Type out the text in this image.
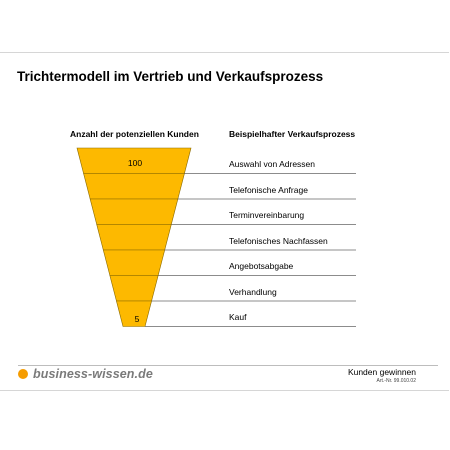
Trichtermodell im Vertrieb und Verkaufsprozess
Anzahl der potenziellen Kunden	Beispielhafter Verkaufsprozess
100
5
Auswahl von Adressen
Telefonische Anfrage
Terminvereinbarung
Telefonisches Nachfassen
Angebotsabgabe
Verhandlung
Kauf
business-wissen.de	Kunden gewinnen
Art.-Nr. 99.010.02
